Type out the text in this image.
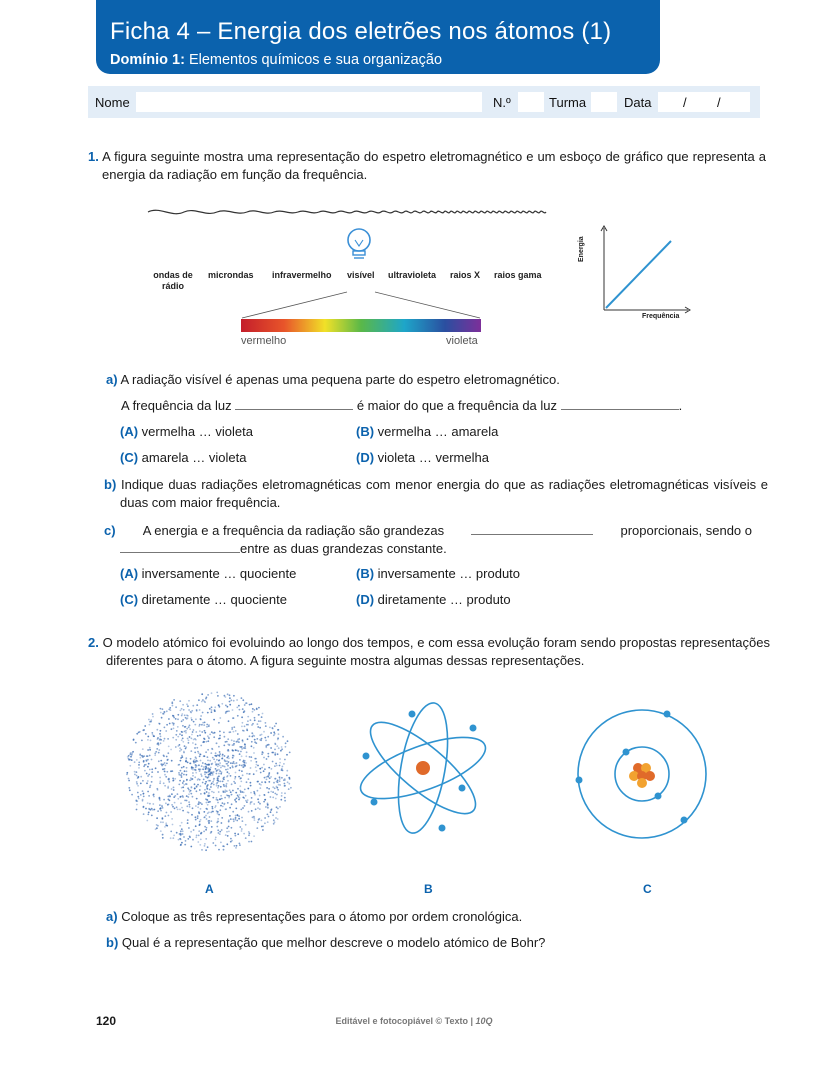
Ficha 4 – Energia dos eletrões nos átomos (1)
Domínio 1: Elementos químicos e sua organização
Nome	N.º	Turma	Data / /
1. A figura seguinte mostra uma representação do espetro eletromagnético e um esboço de gráfico que representa a energia da radiação em função da frequência.
ondas de rádio
microndas infravermelho visível ultravioleta raios X raios gama
vermelho	violeta
Energia
Frequência
a) A radiação visível é apenas uma pequena parte do espetro eletromagnético.
A frequência da luz	é maior do que a frequência da luz	.
(A) vermelha … violeta	(B) vermelha … amarela
(C) amarela … violeta	(D) violeta … vermelha
b) Indique duas radiações eletromagnéticas com menor energia do que as radiações eletromagnéticas visíveis e duas com maior frequência.
c) A energia e a frequência da radiação são grandezas	proporcionais, sendo o
entre as duas grandezas constante.
(A) inversamente … quociente	(B) inversamente … produto
(C) diretamente … quociente	(D) diretamente … produto
2. O modelo atómico foi evoluindo ao longo dos tempos, e com essa evolução foram sendo propostas representações diferentes para o átomo. A figura seguinte mostra algumas dessas representações.
A	B	C
a) Coloque as três representações para o átomo por ordem cronológica.
b) Qual é a representação que melhor descreve o modelo atómico de Bohr?
120	Editável e fotocopiável © Texto | 10Q
